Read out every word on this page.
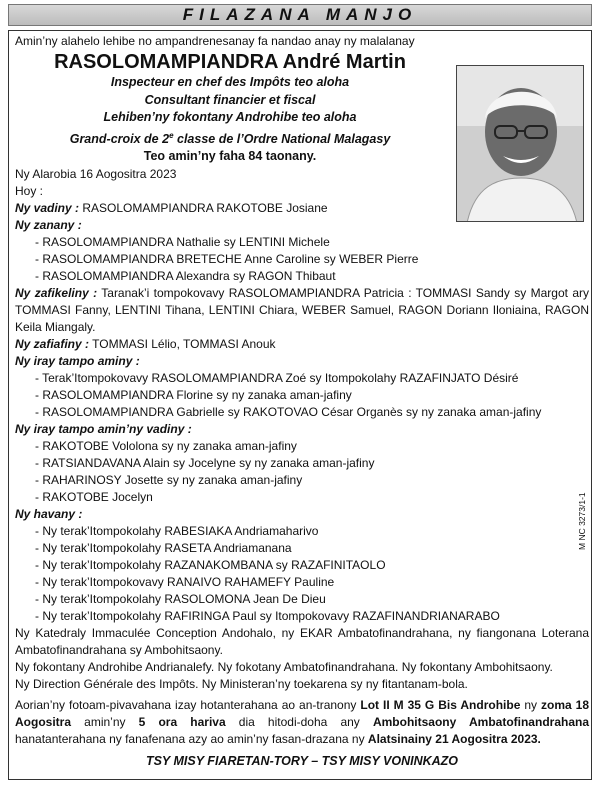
FILAZANA MANJO
M NC 3273/1-1
Amin’ny alahelo lehibe no ampandrenesanay fa nandao anay ny malalanay
RASOLOMAMPIANDRA André Martin
Inspecteur en chef des Impôts teo aloha
Consultant financier et fiscal
Lehiben’ny fokontany Androhibe teo aloha
Grand-croix de 2e classe de l’Ordre National Malagasy
Teo amin’ny faha 84 taonany.
Ny Alarobia 16 Aogositra 2023
Hoy :
Ny vadiny : RASOLOMAMPIANDRA RAKOTOBE Josiane
Ny zanany :
- RASOLOMAMPIANDRA Nathalie sy LENTINI Michele
- RASOLOMAMPIANDRA BRETECHE Anne Caroline sy WEBER Pierre
- RASOLOMAMPIANDRA Alexandra sy RAGON Thibaut
Ny zafikeliny : Taranak’i tompokovavy RASOLOMAMPIANDRA Patricia : TOMMASI Sandy sy Margot ary TOMMASI Fanny, LENTINI Tihana, LENTINI Chiara, WEBER Samuel, RAGON Doriann Iloniaina, RAGON Keila Miangaly.
Ny zafiafiny : TOMMASI Lélio, TOMMASI Anouk
Ny iray tampo aminy :
- Terak’Itompokovavy RASOLOMAMPIANDRA Zoé sy Itompokolahy RAZAFINJATO Désiré
- RASOLOMAMPIANDRA Florine sy ny zanaka aman-jafiny
- RASOLOMAMPIANDRA Gabrielle sy RAKOTOVAO César Organès sy ny zanaka aman-jafiny
Ny iray tampo amin’ny vadiny :
- RAKOTOBE Vololona sy ny zanaka aman-jafiny
- RATSIANDAVANA Alain sy Jocelyne sy ny zanaka aman-jafiny
- RAHARINOSY Josette sy ny zanaka aman-jafiny
- RAKOTOBE Jocelyn
Ny havany :
- Ny terak’Itompokolahy RABESIAKA Andriamaharivo
- Ny terak’Itompokolahy RASETA Andriamanana
- Ny terak’Itompokolahy RAZANAKOMBANA sy RAZAFINITAOLO
- Ny terak’Itompokovavy RANAIVO RAHAMEFY Pauline
- Ny terak’Itompokolahy RASOLOMONA Jean De Dieu
- Ny terak’Itompokolahy RAFIRINGA Paul sy Itompokovavy RAZAFINANDRIANARABO
Ny Katedraly Immaculée Conception Andohalo, ny EKAR Ambatofinandrahana, ny fiangonana Loterana Ambatofinandrahana sy Ambohitsaony.
Ny fokontany Androhibe Andrianalefy. Ny fokotany Ambatofinandrahana. Ny fokontany Ambohitsaony.
Ny Direction Générale des Impôts. Ny Ministeran’ny toekarena sy ny fitantanam-bola.
Aorian’ny fotoam-pivavahana izay hotanterahana ao an-tranony Lot II M 35 G Bis Androhibe ny zoma 18 Aogositra amin’ny 5 ora hariva dia hitodi-doha any Ambohitsaony Ambatofinandrahana hanatanterahana ny fanafenana azy ao amin’ny fasan-drazana ny Alatsinainy 21 Aogositra 2023.
TSY MISY FIARETAN-TORY – TSY MISY VONINKAZO
